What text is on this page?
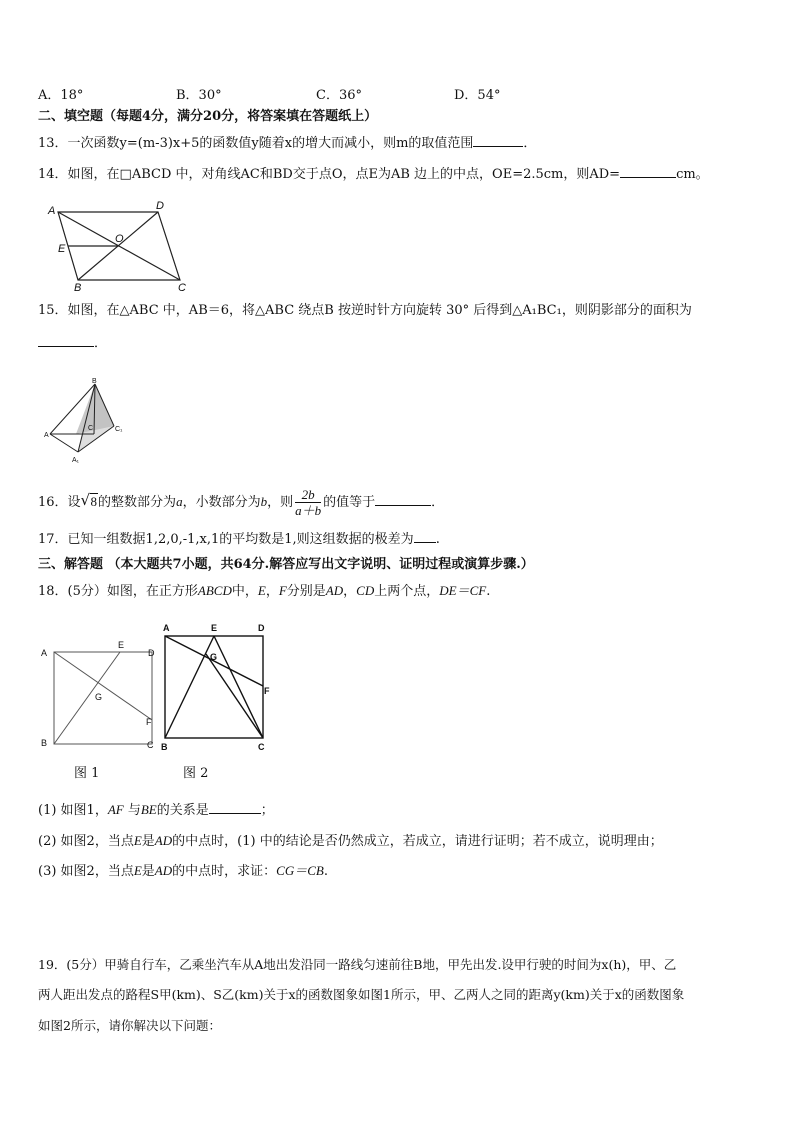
A．18°	B．30°	C．36°	D．54°
二、填空题（每题4分，满分20分，将答案填在答题纸上）
13．一次函数y=(m-3)x+5的函数值y随着x的增大而减小，则m的取值范围	．
14．如图，在□ABCD 中，对角线AC和BD交于点O，点E为AB 边上的中点，OE=2.5cm，则AD=	cm。
A	D
E
O
B	C
15．如图，在△ABC 中，AB＝6，将△ABC 绕点B 按逆时针方向旋转 30° 后得到△A₁BC₁，则阴影部分的面积为
．
B
A
C	C₁
A₁
16．设 √ 8的整数部分为a，小数部分为b，则 $\frac{2b}{a+b}$ 的值等于	．
17．已知一组数据1,2,0,-1,x,1的平均数是1,则这组数据的极差为 .
三、解答题 （本大题共7小题，共64分.解答应写出文字说明、证明过程或演算步骤.）
18．(5分）如图，在正方形ABCD中，E，F分别是AD，CD上两个点，DE＝CF.
A
E
D
G
F
B	C
A	E	D
G
F
B	C
图 1	图 2
(1) 如图1，AF 与BE的关系是	；
(2) 如图2，当点E是AD的中点时，(1) 中的结论是否仍然成立，若成立，请进行证明；若不成立，说明理由；
(3) 如图2，当点E是AD的中点时，求证：CG＝CB.
19．(5分）甲骑自行车，乙乘坐汽车从A地出发沿同一路线匀速前往B地，甲先出发.设甲行驶的时间为x(h)，甲、乙
两人距出发点的路程S甲(km)、S乙(km)关于x的函数图象如图1所示，甲、乙两人之同的距离y(km)关于x的函数图象
如图2所示，请你解决以下问题：
